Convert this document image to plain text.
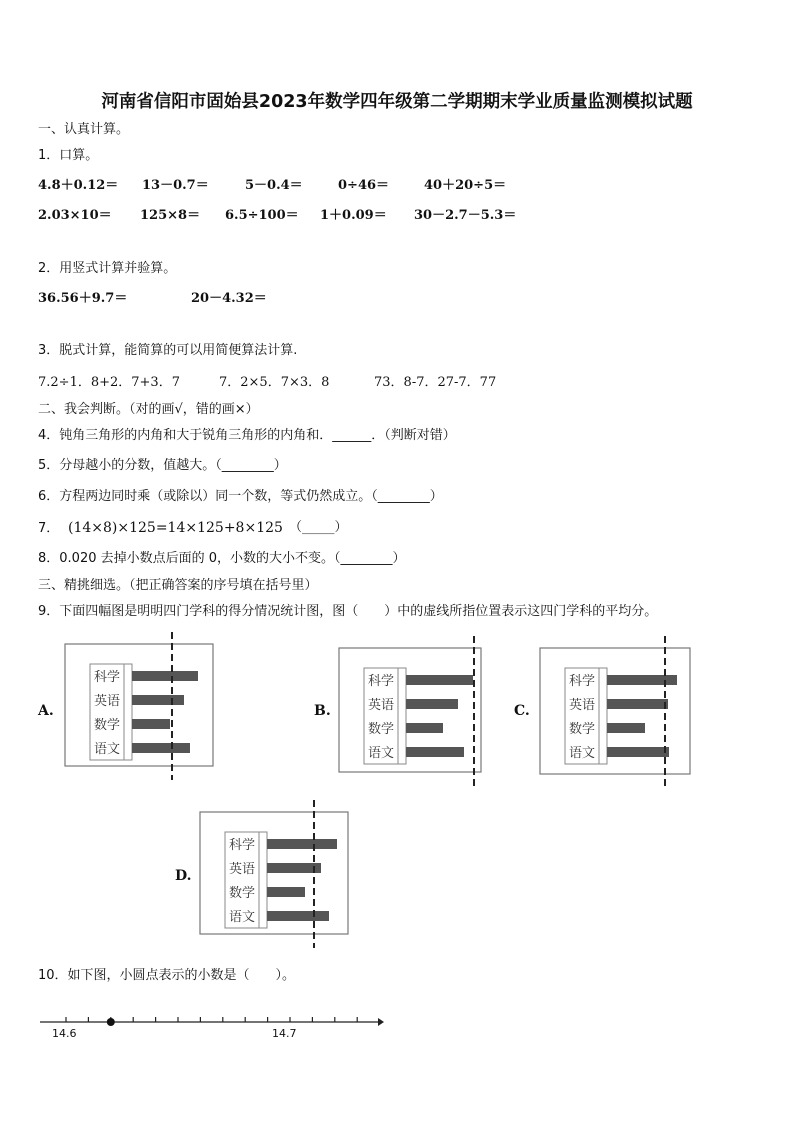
河南省信阳市固始县2023年数学四年级第二学期期末学业质量监测模拟试题
一、认真计算。
1．口算。
4.8＋0.12＝ 13－0.7＝	5－0.4＝	0÷46＝	40＋20÷5＝
2.03×10＝ 125×8＝ 6.5÷100＝ 1＋0.09＝ 30－2.7－5.3＝
2．用竖式计算并验算。
36.56＋9.7＝	20－4.32＝
3．脱式计算，能简算的可以用简便算法计算.
7.2÷1．8+2．7+3．7	7．2×5．7×3．8	73．8-7．27-7．77
二、我会判断。（对的画√，错的画×）
4．钝角三角形的内角和大于锐角三角形的内角和．______．（判断对错）
5．分母越小的分数，值越大。（________）
6．方程两边同时乘（或除以）同一个数，等式仍然成立。（________）
7． (14×8)×125=14×125+8×125 （_____）
8．0.020 去掉小数点后面的 0，小数的大小不变。（________）
三、精挑细选。（把正确答案的序号填在括号里）
9．下面四幅图是明明四门学科的得分情况统计图，图（　　）中的虚线所指位置表示这四门学科的平均分。
A.	B.	C.
D.
科学
英语
数学
语文
科学
英语
数学
语文
科学
英语
数学
语文
科学
英语
数学
语文
10．如下图，小圆点表示的小数是（　　）。
14.6	14.7
